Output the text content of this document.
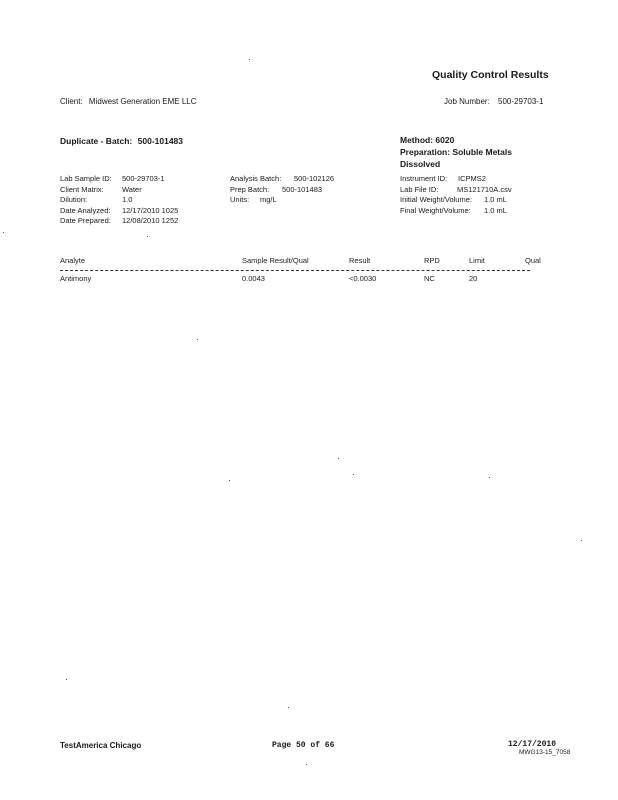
Quality Control Results
Client: Midwest Generation EME LLC	Job Number: 500-29703-1
Duplicate - Batch: 500-101483	Method: 6020
Preparation: Soluble Metals
Dissolved
Lab Sample ID: 500-29703-1
Client Matrix: Water
Dilution:	1.0
Date Analyzed: 12/17/2010 1025
Date Prepared: 12/08/2010 1252
Analysis Batch: 500-102126
Prep Batch: 500-101483
Units: mg/L
Instrument ID: ICPMS2
Lab File ID: MS121710A.csv
Initial Weight/Volume: 1.0 mL
Final Weight/Volume: 1.0 mL
Analyte	Sample Result/Qual	Result	RPD	Limit	Qual
Antimony	0.0043	<0.0030	NC	20
TestAmerica Chicago	Page 50 of 66	12/17/2010
MWG13-15_7058
